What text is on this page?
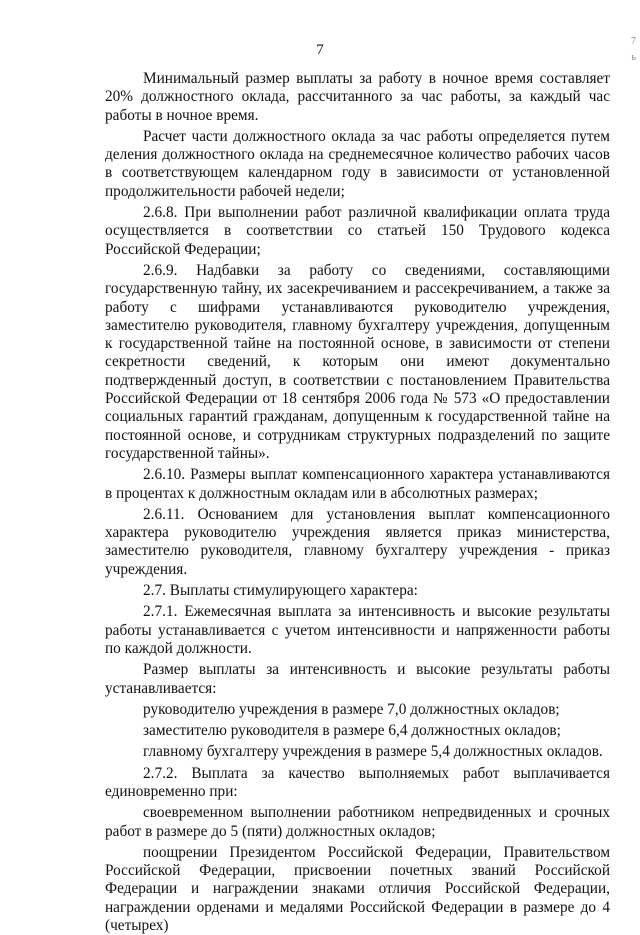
7
7
ь

Минимальный размер выплаты за работу в ночное время составляет 20% должностного оклада, рассчитанного за час работы, за каждый час работы в ночное время.

Расчет части должностного оклада за час работы определяется путем деления должностного оклада на среднемесячное количество рабочих часов в соответствующем календарном году в зависимости от установленной продолжительности рабочей недели;

2.6.8. При выполнении работ различной квалификации оплата труда осуществляется в соответствии со статьей 150 Трудового кодекса Российской Федерации;

2.6.9. Надбавки за работу со сведениями, составляющими государственную тайну, их засекречиванием и рассекречиванием, а также за работу с шифрами устанавливаются руководителю учреждения, заместителю руководителя, главному бухгалтеру учреждения, допущенным к государственной тайне на постоянной основе, в зависимости от степени секретности сведений, к которым они имеют документально подтвержденный доступ, в соответствии с постановлением Правительства Российской Федерации от 18 сентября 2006 года № 573 «О предоставлении социальных гарантий гражданам, допущенным к государственной тайне на постоянной основе, и сотрудникам структурных подразделений по защите государственной тайны».

2.6.10. Размеры выплат компенсационного характера устанавливаются в процентах к должностным окладам или в абсолютных размерах;

2.6.11. Основанием для установления выплат компенсационного характера руководителю учреждения является приказ министерства, заместителю руководителя, главному бухгалтеру учреждения - приказ учреждения.

2.7. Выплаты стимулирующего характера:

2.7.1. Ежемесячная выплата за интенсивность и высокие результаты работы устанавливается с учетом интенсивности и напряженности работы по каждой должности.

Размер выплаты за интенсивность и высокие результаты работы устанавливается:

руководителю учреждения в размере 7,0 должностных окладов;

заместителю руководителя в размере 6,4 должностных окладов;

главному бухгалтеру учреждения в размере 5,4 должностных окладов.

2.7.2. Выплата за качество выполняемых работ выплачивается единовременно при:

своевременном выполнении работником непредвиденных и срочных работ в размере до 5 (пяти) должностных окладов;

поощрении Президентом Российской Федерации, Правительством Российской Федерации, присвоении почетных званий Российской Федерации и награждении знаками отличия Российской Федерации, награждении орденами и медалями Российской Федерации в размере до 4 (четырех)
